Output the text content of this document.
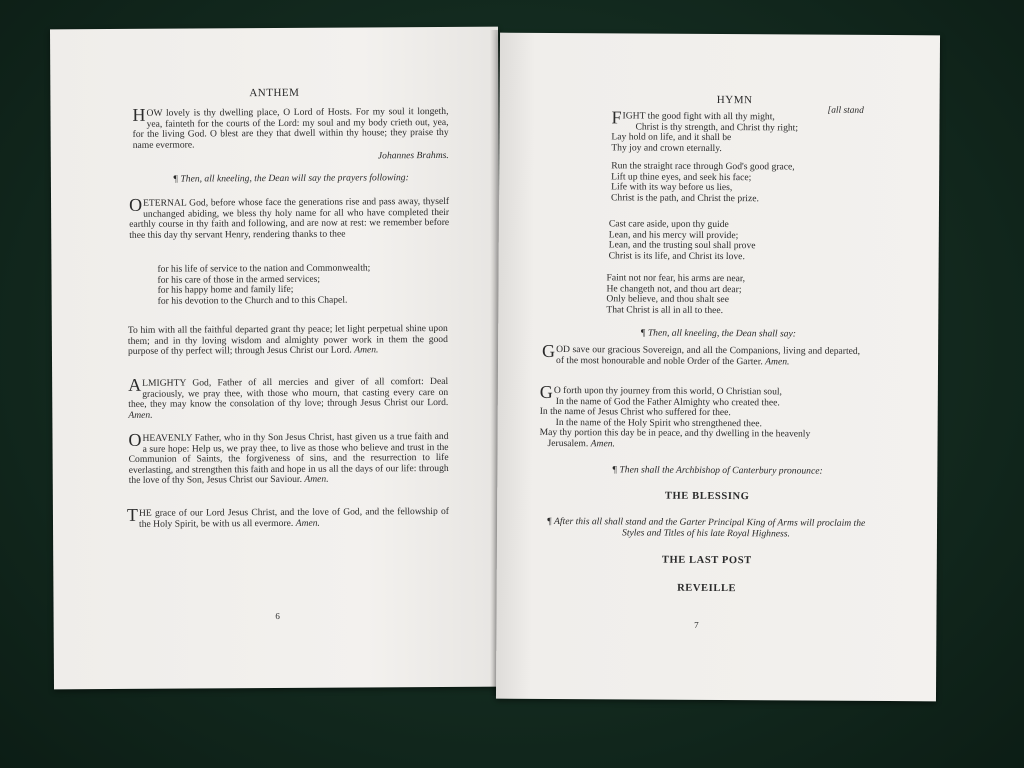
ANTHEM

HOW lovely is thy dwelling place, O Lord of Hosts. For my soul it longeth, yea, fainteth for the courts of the Lord: my soul and my body crieth out, yea, for the living God. O blest are they that dwell within thy house; they praise thy name evermore.

Johannes Brahms.

¶ Then, all kneeling, the Dean will say the prayers following:

OETERNAL God, before whose face the generations rise and pass away, thyself unchanged abiding, we bless thy holy name for all who have completed their earthly course in thy faith and following, and are now at rest: we remember before thee this day thy servant Henry, rendering thanks to thee

for his life of service to the nation and Commonwealth;

for his care of those in the armed services;

for his happy home and family life;

for his devotion to the Church and to this Chapel.

To him with all the faithful departed grant thy peace; let light perpetual shine upon them; and in thy loving wisdom and almighty power work in them the good purpose of thy perfect will; through Jesus Christ our Lord. Amen.

ALMIGHTY God, Father of all mercies and giver of all comfort: Deal graciously, we pray thee, with those who mourn, that casting every care on thee, they may know the consolation of thy love; through Jesus Christ our Lord. Amen.

OHEAVENLY Father, who in thy Son Jesus Christ, hast given us a true faith and a sure hope: Help us, we pray thee, to live as those who believe and trust in the Communion of Saints, the forgiveness of sins, and the resurrection to life everlasting, and strengthen this faith and hope in us all the days of our life: through the love of thy Son, Jesus Christ our Saviour. Amen.

THE grace of our Lord Jesus Christ, and the love of God, and the fellowship of the Holy Spirit, be with us all evermore. Amen.

6

HYMN

[all stand

FIGHT the good fight with all thy might,

Christ is thy strength, and Christ thy right;

Lay hold on life, and it shall be

Thy joy and crown eternally.

Run the straight race through God's good grace,

Lift up thine eyes, and seek his face;

Life with its way before us lies,

Christ is the path, and Christ the prize.

Cast care aside, upon thy guide

Lean, and his mercy will provide;

Lean, and the trusting soul shall prove

Christ is its life, and Christ its love.

Faint not nor fear, his arms are near,

He changeth not, and thou art dear;

Only believe, and thou shalt see

That Christ is all in all to thee.

¶ Then, all kneeling, the Dean shall say:

GOD save our gracious Sovereign, and all the Companions, living and departed, of the most honourable and noble Order of the Garter. Amen.

G O forth upon thy journey from this world, O Christian soul,

In the name of God the Father Almighty who created thee.

In the name of Jesus Christ who suffered for thee.

In the name of the Holy Spirit who strengthened thee.

May thy portion this day be in peace, and thy dwelling in the heavenly

Jerusalem. Amen.

¶ Then shall the Archbishop of Canterbury pronounce:

THE BLESSING

¶ After this all shall stand and the Garter Principal King of Arms will proclaim the Styles and Titles of his late Royal Highness.

THE LAST POST

REVEILLE

7
